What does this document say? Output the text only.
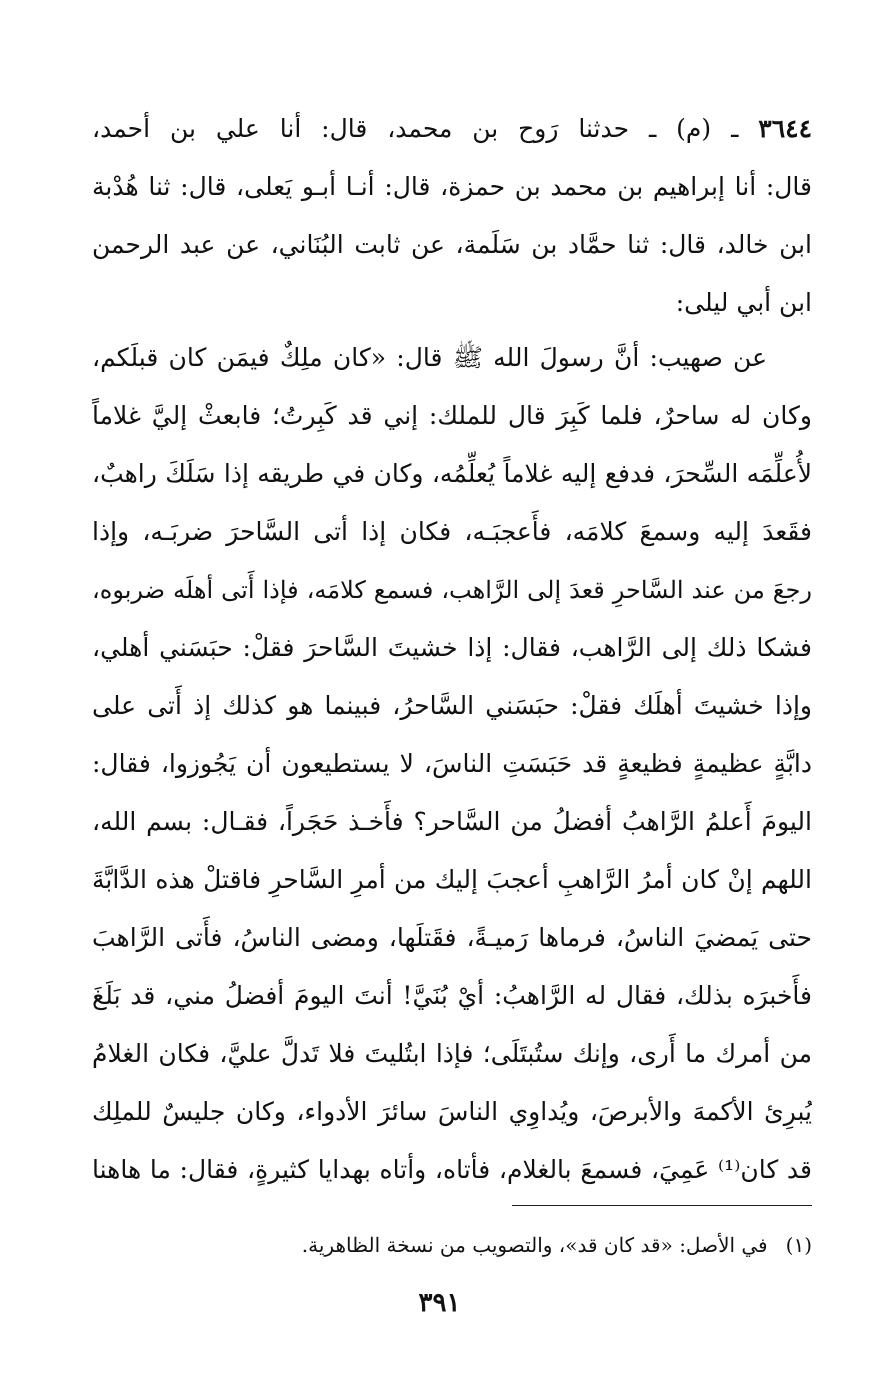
٣٦٤٤ ـ (م) ـ حدثنا رَوح بن محمد، قال: أنا علي بن أحمد،
قال: أنا إبراهيم بن محمد بن حمزة، قال: أنـا أبـو يَعلى، قال: ثنا هُدْبة
ابن خالد، قال: ثنا حمَّاد بن سَلَمة، عن ثابت البُنَاني، عن عبد الرحمن
ابن أبي ليلى:
عن صهيب: أنَّ رسولَ الله ﷺ قال: «كان ملِكٌ فيمَن كان قبلَكم،
وكان له ساحرٌ، فلما كَبِرَ قال للملك: إني قد كَبِرتُ؛ فابعثْ إليَّ غلاماً
لأُعلِّمَه السِّحرَ، فدفع إليه غلاماً يُعلِّمُه، وكان في طريقه إذا سَلَكَ راهبٌ،
فقَعدَ إليه وسمعَ كلامَه، فأَعجبَـه، فكان إذا أتى السَّاحرَ ضربَـه، وإذا
رجعَ من عند السَّاحرِ قعدَ إلى الرَّاهب، فسمع كلامَه، فإذا أَتى أهلَه ضربوه،
فشكا ذلك إلى الرَّاهب، فقال: إذا خشيتَ السَّاحرَ فقلْ: حبَسَني أهلي،
وإذا خشيتَ أهلَك فقلْ: حبَسَني السَّاحرُ، فبينما هو كذلك إذ أَتى على
دابَّةٍ عظيمةٍ فظيعةٍ قد حَبَسَتِ الناسَ، لا يستطيعون أن يَجُوزوا، فقال:
اليومَ أَعلمُ الرَّاهبُ أفضلُ من السَّاحر؟ فأَخـذ حَجَراً، فقـال: بسم الله،
اللهم إنْ كان أمرُ الرَّاهبِ أعجبَ إليك من أمرِ السَّاحرِ فاقتلْ هذه الدَّابَّةَ
حتى يَمضيَ الناسُ، فرماها رَميـةً، فقَتلَها، ومضى الناسُ، فأَتى الرَّاهبَ
فأَخبرَه بذلك، فقال له الرَّاهبُ: أيْ بُنَيَّ! أنتَ اليومَ أفضلُ مني، قد بَلَغَ
من أمرك ما أَرى، وإنك ستُبتَلَى؛ فإذا ابتُليتَ فلا تَدلَّ عليَّ، فكان الغلامُ
يُبرِئ الأكمهَ والأبرصَ، ويُداوِي الناسَ سائرَ الأدواء، وكان جليسٌ للملِك
قد كان⁽¹⁾ عَمِيَ، فسمعَ بالغلام، فأتاه، وأتاه بهدايا كثيرةٍ، فقال: ما هاهنا
(١)في الأصل: «قد كان قد»، والتصويب من نسخة الظاهرية.
٣٩١
